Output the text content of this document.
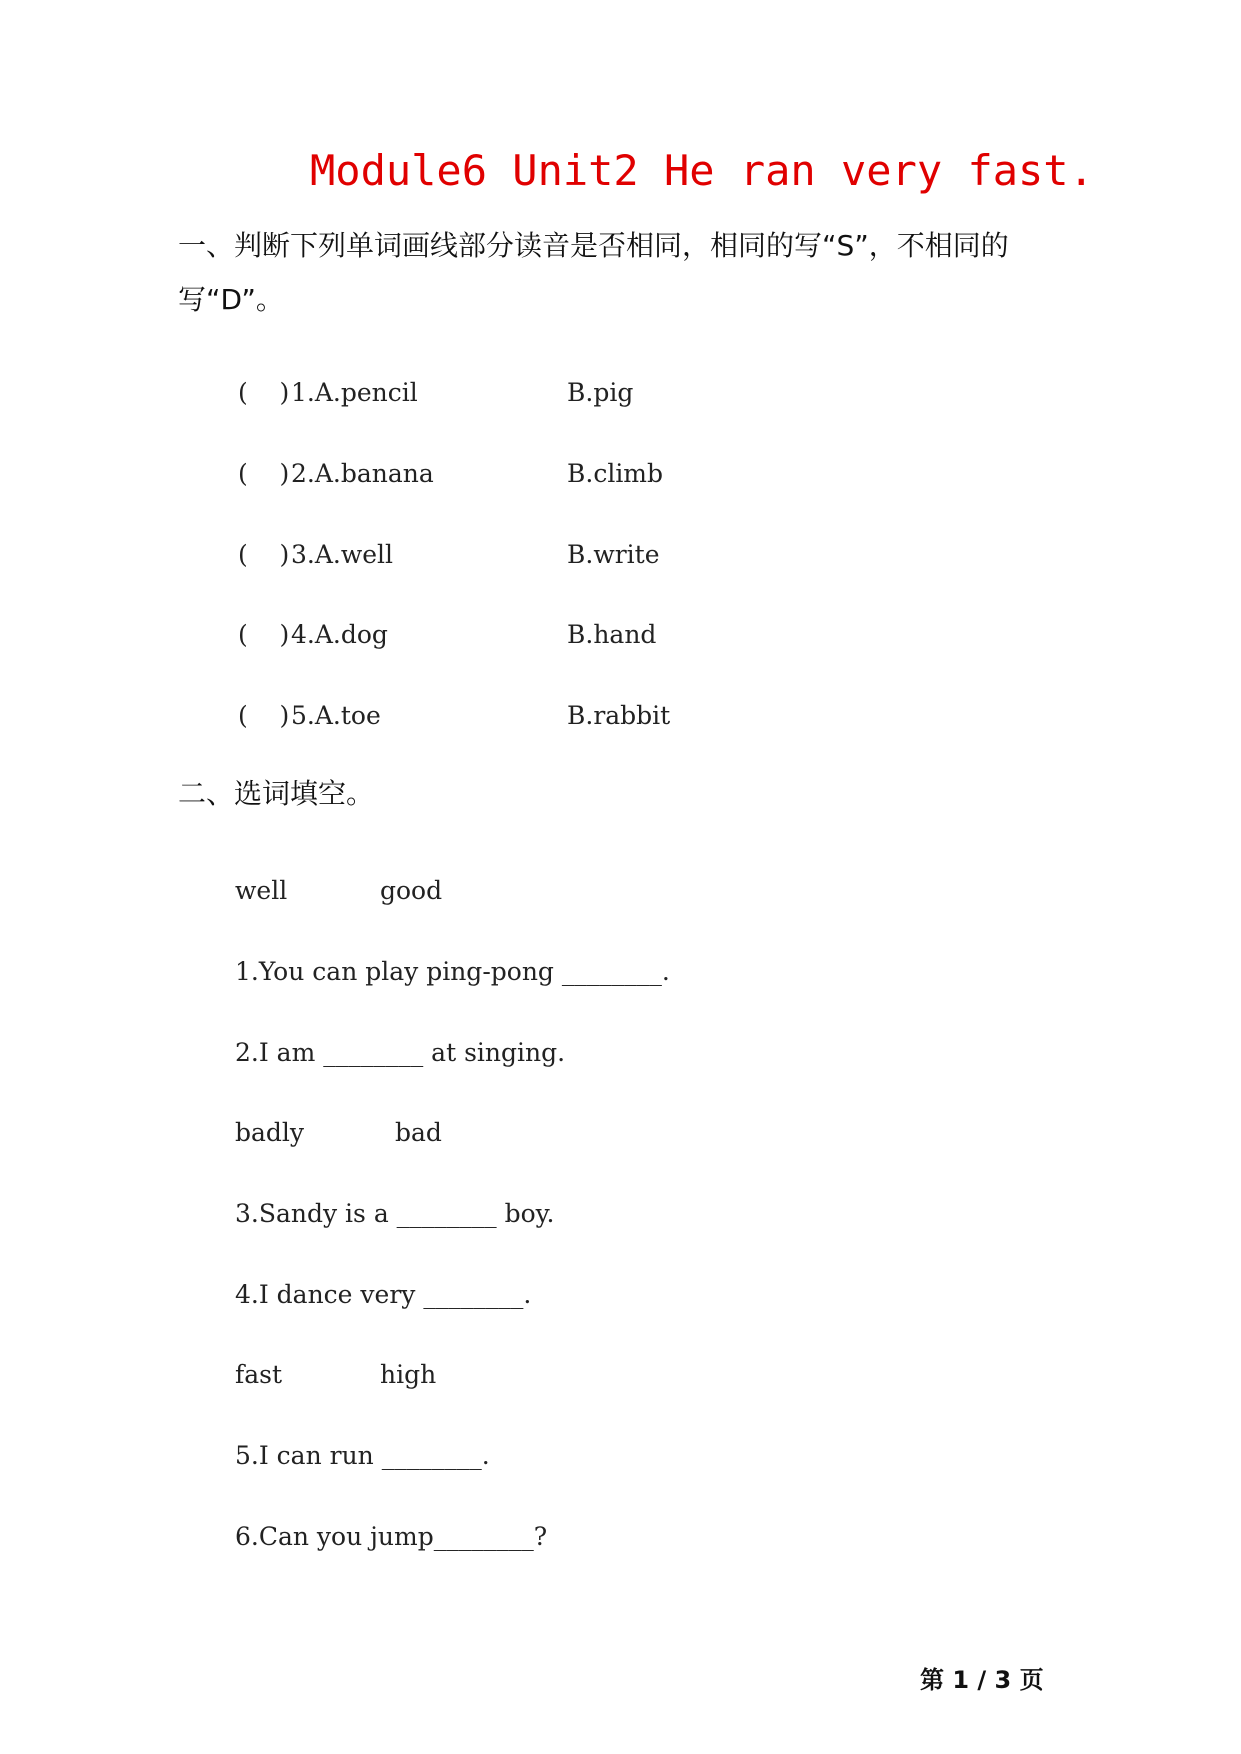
Module6 Unit2 He ran very fast.
一、判断下列单词画线部分读音是否相同，相同的写“S”，不相同的
写“D”。
(    ) 1.A.pencil	B.pig
(    ) 2.A.banana	B.climb
(    ) 3.A.well	B.write
(    ) 4.A.dog	B.hand
(    ) 5.A.toe	B.rabbit
二、选词填空。
well	good
1.You can play ping-pong ________.
2.I am ________ at singing.
badly	bad
3.Sandy is a ________ boy.
4.I dance very ________.
fast	high
5.I can run ________.
6.Can you jump________?
第 1 / 3 页
